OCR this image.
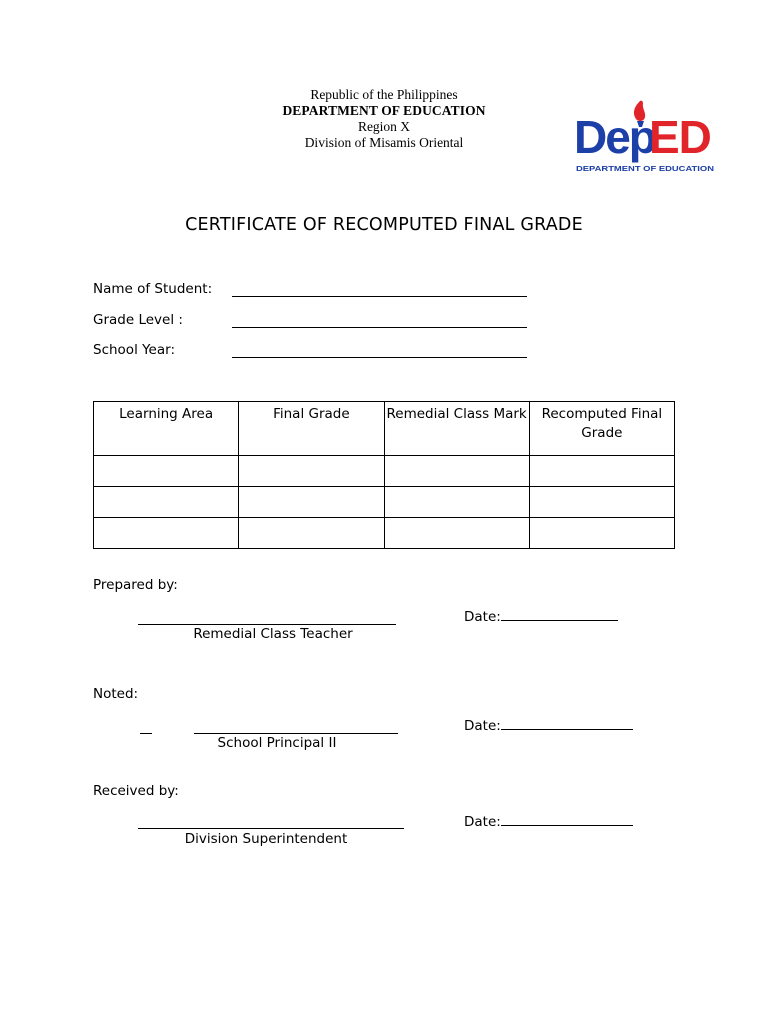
Republic of the Philippines
DEPARTMENT OF EDUCATION
Region X
Division of Misamis Oriental	Dep
ED
DEPARTMENT OF EDUCATION
CERTIFICATE OF RECOMPUTED FINAL GRADE
Name of Student:
Grade Level :
School Year:
Learning Area	Final Grade	Remedial Class Mark	Recomputed Final Grade

Prepared by:
Remedial Class Teacher
Date:
Noted:
School Principal II
Date:
Received by:
Division Superintendent
Date:
